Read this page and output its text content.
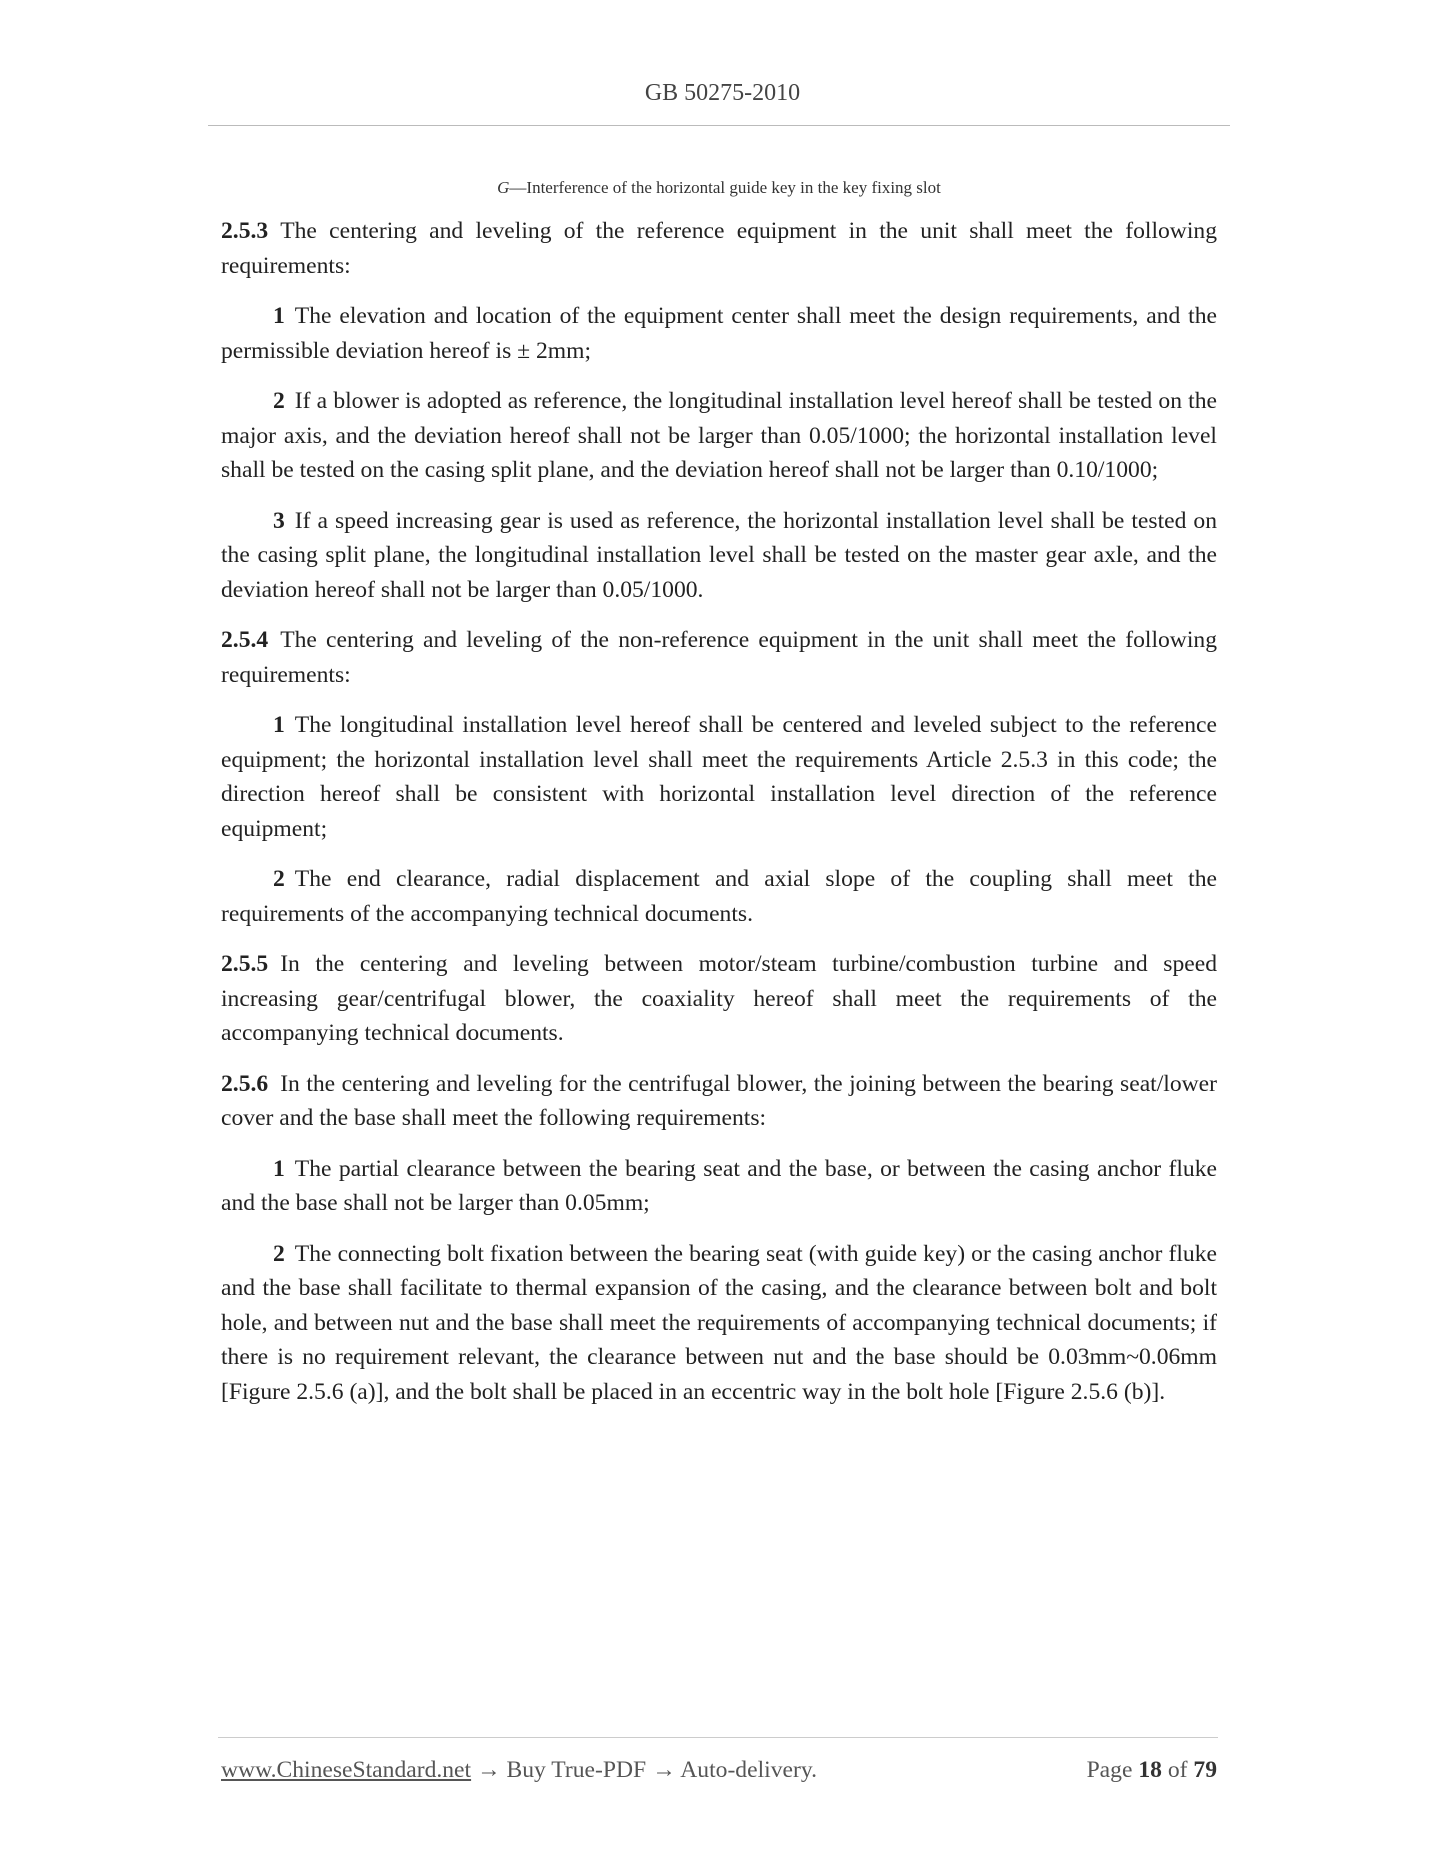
GB 50275-2010

G—Interference of the horizontal guide key in the key fixing slot

2.5.3 The centering and leveling of the reference equipment in the unit shall meet the following requirements:

1 The elevation and location of the equipment center shall meet the design requirements, and the permissible deviation hereof is ± 2mm;

2 If a blower is adopted as reference, the longitudinal installation level hereof shall be tested on the major axis, and the deviation hereof shall not be larger than 0.05/1000; the horizontal installation level shall be tested on the casing split plane, and the deviation hereof shall not be larger than 0.10/1000;

3 If a speed increasing gear is used as reference, the horizontal installation level shall be tested on the casing split plane, the longitudinal installation level shall be tested on the master gear axle, and the deviation hereof shall not be larger than 0.05/1000.

2.5.4 The centering and leveling of the non-reference equipment in the unit shall meet the following requirements:

1 The longitudinal installation level hereof shall be centered and leveled subject to the reference equipment; the horizontal installation level shall meet the requirements Article 2.5.3 in this code; the direction hereof shall be consistent with horizontal installation level direction of the reference equipment;

2 The end clearance, radial displacement and axial slope of the coupling shall meet the requirements of the accompanying technical documents.

2.5.5 In the centering and leveling between motor/steam turbine/combustion turbine and speed increasing gear/centrifugal blower, the coaxiality hereof shall meet the requirements of the accompanying technical documents.

2.5.6 In the centering and leveling for the centrifugal blower, the joining between the bearing seat/lower cover and the base shall meet the following requirements:

1 The partial clearance between the bearing seat and the base, or between the casing anchor fluke and the base shall not be larger than 0.05mm;

2 The connecting bolt fixation between the bearing seat (with guide key) or the casing anchor fluke and the base shall facilitate to thermal expansion of the casing, and the clearance between bolt and bolt hole, and between nut and the base shall meet the requirements of accompanying technical documents; if there is no requirement relevant, the clearance between nut and the base should be 0.03mm~0.06mm [Figure 2.5.6 (a)], and the bolt shall be placed in an eccentric way in the bolt hole [Figure 2.5.6 (b)].

www.ChineseStandard.net → Buy True-PDF → Auto-delivery.	Page 18 of 79
